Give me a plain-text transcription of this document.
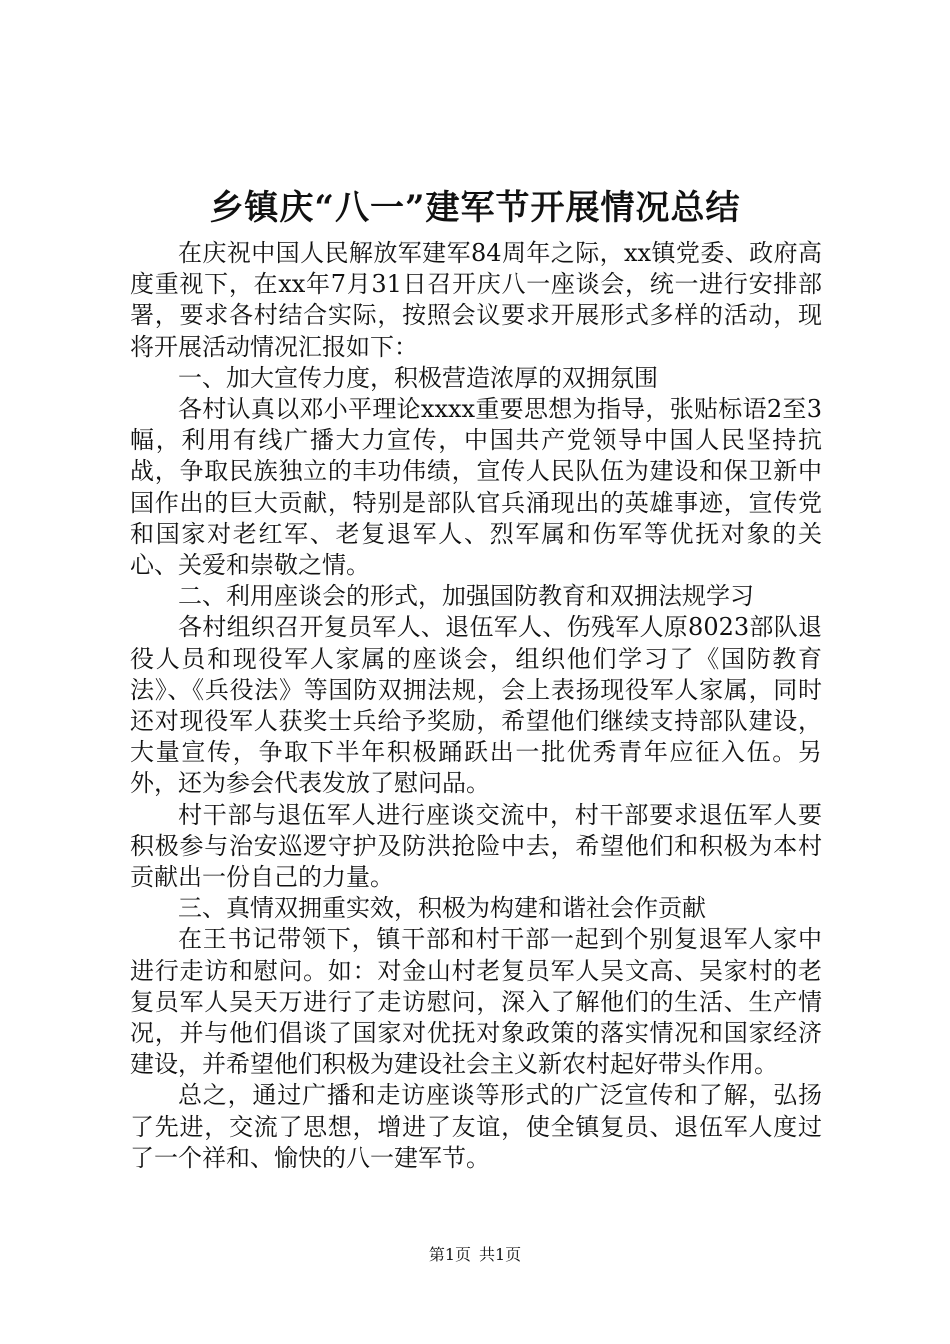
乡镇庆“八一”建军节开展情况总结

在庆祝中国人民解放军建军84周年之际，xx镇党委、政府高度重视下，在xx年7月31日召开庆八一座谈会，统一进行安排部署，要求各村结合实际，按照会议要求开展形式多样的活动，现将开展活动情况汇报如下：

一、加大宣传力度，积极营造浓厚的双拥氛围

各村认真以邓小平理论xxxx重要思想为指导，张贴标语2至3幅，利用有线广播大力宣传，中国共产党领导中国人民坚持抗战，争取民族独立的丰功伟绩，宣传人民队伍为建设和保卫新中国作出的巨大贡献，特别是部队官兵涌现出的英雄事迹，宣传党和国家对老红军、老复退军人、烈军属和伤军等优抚对象的关心、关爱和崇敬之情。

二、利用座谈会的形式，加强国防教育和双拥法规学习

各村组织召开复员军人、退伍军人、伤残军人原8023部队退役人员和现役军人家属的座谈会，组织他们学习了《国防教育法》、《兵役法》等国防双拥法规，会上表扬现役军人家属，同时还对现役军人获奖士兵给予奖励，希望他们继续支持部队建设，大量宣传，争取下半年积极踊跃出一批优秀青年应征入伍。另外，还为参会代表发放了慰问品。

村干部与退伍军人进行座谈交流中，村干部要求退伍军人要积极参与治安巡逻守护及防洪抢险中去，希望他们和积极为本村贡献出一份自己的力量。

三、真情双拥重实效，积极为构建和谐社会作贡献

在王书记带领下，镇干部和村干部一起到个别复退军人家中进行走访和慰问。如：对金山村老复员军人吴文高、吴家村的老复员军人吴天万进行了走访慰问，深入了解他们的生活、生产情况，并与他们倡谈了国家对优抚对象政策的落实情况和国家经济建设，并希望他们积极为建设社会主义新农村起好带头作用。

总之，通过广播和走访座谈等形式的广泛宣传和了解，弘扬了先进，交流了思想，增进了友谊，使全镇复员、退伍军人度过了一个祥和、愉快的八一建军节。

第1页 共1页
